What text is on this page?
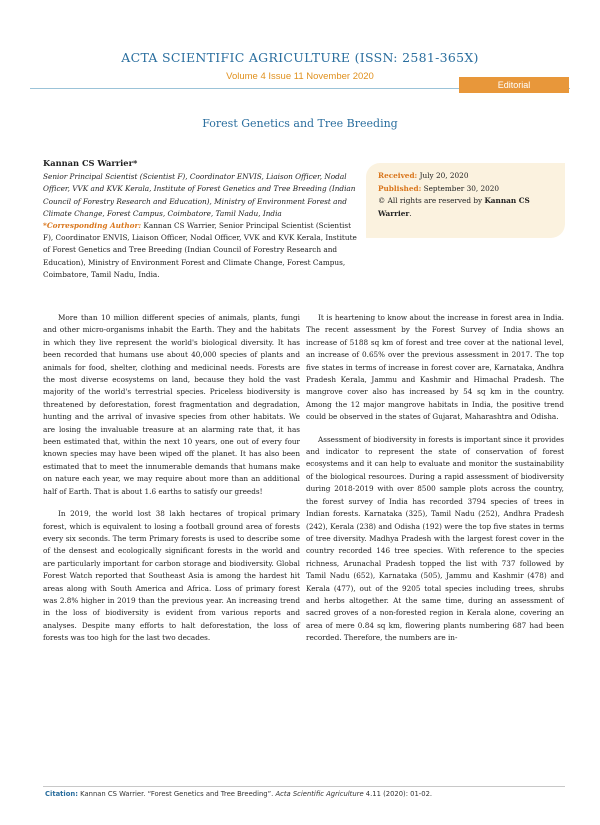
ACTA SCIENTIFIC AGRICULTURE (ISSN: 2581-365X)
Volume 4 Issue 11 November 2020
Editorial
Forest Genetics and Tree Breeding
Kannan CS Warrier*
Senior Principal Scientist (Scientist F), Coordinator ENVIS, Liaison Officer, Nodal Officer, VVK and KVK Kerala, Institute of Forest Genetics and Tree Breeding (Indian Council of Forestry Research and Education), Ministry of Environment Forest and Climate Change, Forest Campus, Coimbatore, Tamil Nadu, India
*Corresponding Author: Kannan CS Warrier, Senior Principal Scientist (Scientist F), Coordinator ENVIS, Liaison Officer, Nodal Officer, VVK and KVK Kerala, Institute of Forest Genetics and Tree Breeding (Indian Council of Forestry Research and Education), Ministry of Environment Forest and Climate Change, Forest Campus, Coimbatore, Tamil Nadu, India.
Received: July 20, 2020
Published: September 30, 2020
© All rights are reserved by Kannan CS Warrier.

More than 10 million different species of animals, plants, fungi and other micro-organisms inhabit the Earth. They and the habitats in which they live represent the world's biological diversity. It has been recorded that humans use about 40,000 species of plants and animals for food, shelter, clothing and medicinal needs. Forests are the most diverse ecosystems on land, because they hold the vast majority of the world's terrestrial species. Priceless biodiversity is threatened by deforestation, forest fragmentation and degradation, hunting and the arrival of invasive species from other habitats. We are losing the invaluable treasure at an alarming rate that, it has been estimated that, within the next 10 years, one out of every four known species may have been wiped off the planet. It has also been estimated that to meet the innumerable demands that humans make on nature each year, we may require about more than an additional half of Earth. That is about 1.6 earths to satisfy our greeds!

In 2019, the world lost 38 lakh hectares of tropical primary forest, which is equivalent to losing a football ground area of forests every six seconds. The term Primary forests is used to describe some of the densest and ecologically significant forests in the world and are particularly important for carbon storage and biodiversity. Global Forest Watch reported that Southeast Asia is among the hardest hit areas along with South America and Africa. Loss of primary forest was 2.8% higher in 2019 than the previous year. An increasing trend in the loss of biodiversity is evident from various reports and analyses. Despite many efforts to halt deforestation, the loss of forests was too high for the last two decades.

It is heartening to know about the increase in forest area in India. The recent assessment by the Forest Survey of India shows an increase of 5188 sq km of forest and tree cover at the national level, an increase of 0.65% over the previous assessment in 2017. The top five states in terms of increase in forest cover are, Karnataka, Andhra Pradesh Kerala, Jammu and Kashmir and Himachal Pradesh. The mangrove cover also has increased by 54 sq km in the country. Among the 12 major mangrove habitats in India, the positive trend could be observed in the states of Gujarat, Maharashtra and Odisha.

Assessment of biodiversity in forests is important since it provides and indicator to represent the state of conservation of forest ecosystems and it can help to evaluate and monitor the sustainability of the biological resources. During a rapid assessment of biodiversity during 2018-2019 with over 8500 sample plots across the country, the forest survey of India has recorded 3794 species of trees in Indian forests. Karnataka (325), Tamil Nadu (252), Andhra Pradesh (242), Kerala (238) and Odisha (192) were the top five states in terms of tree diversity. Madhya Pradesh with the largest forest cover in the country recorded 146 tree species. With reference to the species richness, Arunachal Pradesh topped the list with 737 followed by Tamil Nadu (652), Karnataka (505), Jammu and Kashmir (478) and Kerala (477), out of the 9205 total species including trees, shrubs and herbs altogether. At the same time, during an assessment of sacred groves of a non-forested region in Kerala alone, covering an area of mere 0.84 sq km, flowering plants numbering 687 had been recorded. Therefore, the numbers are in-

Citation: Kannan CS Warrier. “Forest Genetics and Tree Breeding”. Acta Scientific Agriculture 4.11 (2020): 01-02.
